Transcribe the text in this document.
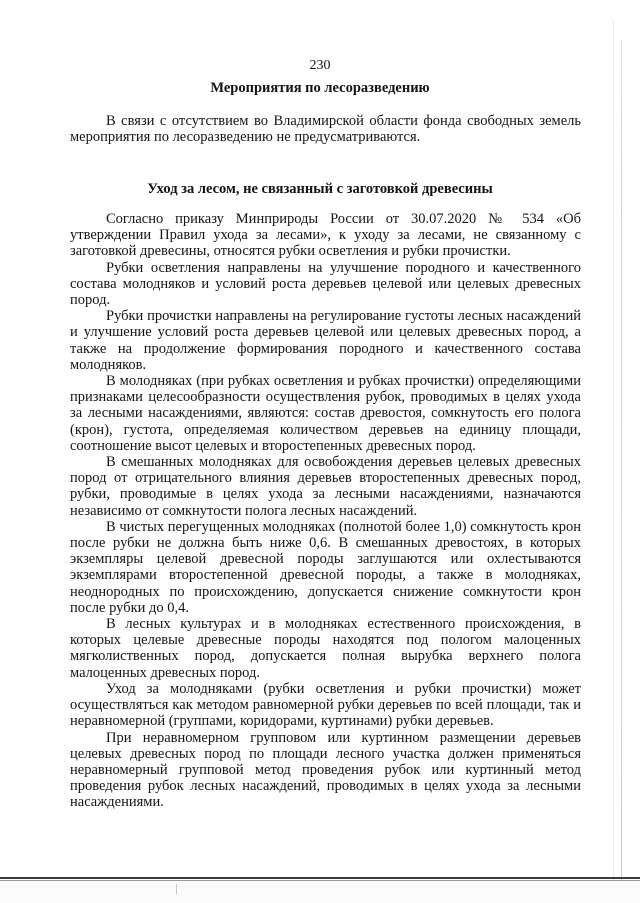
230
Мероприятия по лесоразведению

В связи с отсутствием во Владимирской области фонда свободных земель мероприятия по лесоразведению не предусматриваются.

Уход за лесом, не связанный с заготовкой древесины

Согласно приказу Минприроды России от 30.07.2020 № 534 «Об утверждении Правил ухода за лесами», к уходу за лесами, не связанному с заготовкой древесины, относятся рубки осветления и рубки прочистки.

Рубки осветления направлены на улучшение породного и качественного состава молодняков и условий роста деревьев целевой или целевых древесных пород.

Рубки прочистки направлены на регулирование густоты лесных насаждений и улучшение условий роста деревьев целевой или целевых древесных пород, а также на продолжение формирования породного и качественного состава молодняков.

В молодняках (при рубках осветления и рубках прочистки) определяющими признаками целесообразности осуществления рубок, проводимых в целях ухода за лесными насаждениями, являются: состав древостоя, сомкнутость его полога (крон), густота, определяемая количеством деревьев на единицу площади, соотношение высот целевых и второстепенных древесных пород.

В смешанных молодняках для освобождения деревьев целевых древесных пород от отрицательного влияния деревьев второстепенных древесных пород, рубки, проводимые в целях ухода за лесными насаждениями, назначаются независимо от сомкнутости полога лесных насаждений.

В чистых перегущенных молодняках (полнотой более 1,0) сомкнутость крон после рубки не должна быть ниже 0,6. В смешанных древостоях, в которых экземпляры целевой древесной породы заглушаются или охлестываются экземплярами второстепенной древесной породы, а также в молодняках, неоднородных по происхождению, допускается снижение сомкнутости крон после рубки до 0,4.

В лесных культурах и в молодняках естественного происхождения, в которых целевые древесные породы находятся под пологом малоценных мягколиственных пород, допускается полная вырубка верхнего полога малоценных древесных пород.

Уход за молодняками (рубки осветления и рубки прочистки) может осуществляться как методом равномерной рубки деревьев по всей площади, так и неравномерной (группами, коридорами, куртинами) рубки деревьев.

При неравномерном групповом или куртинном размещении деревьев целевых древесных пород по площади лесного участка должен применяться неравномерный групповой метод проведения рубок или куртинный метод проведения рубок лесных насаждений, проводимых в целях ухода за лесными насаждениями.
